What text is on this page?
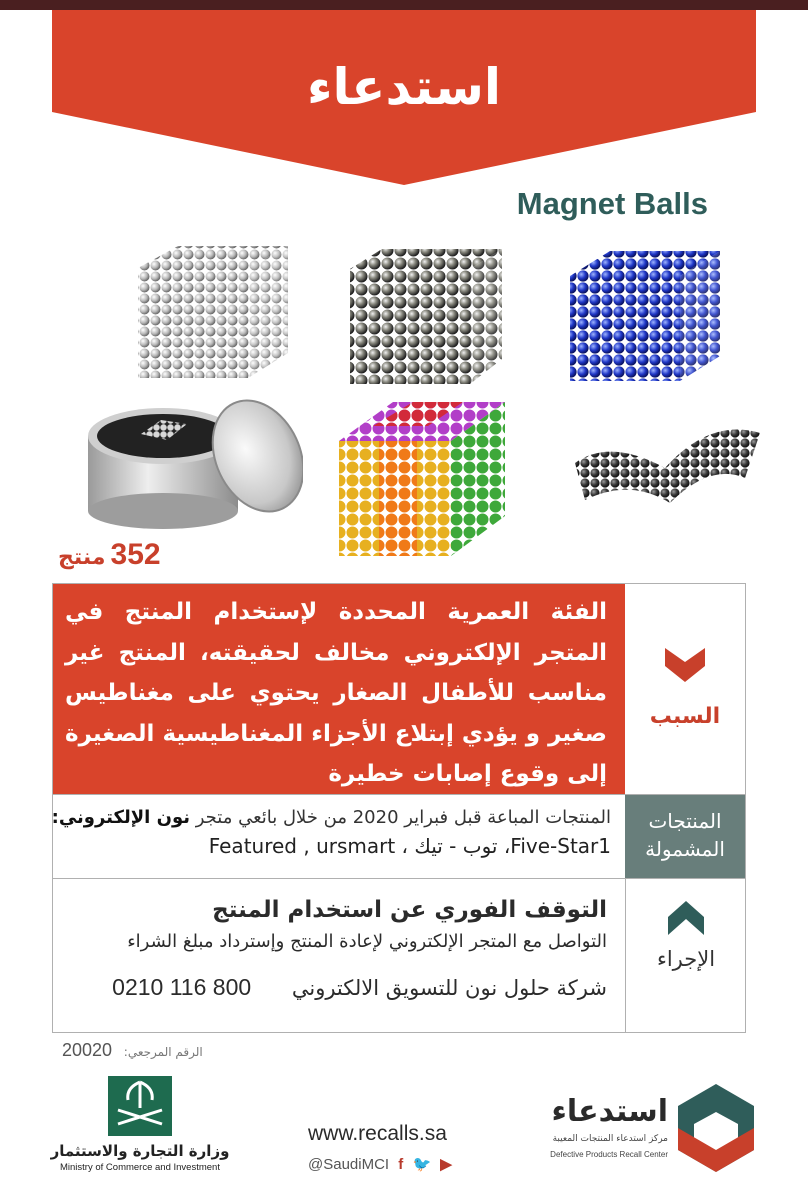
استدعاء
Magnet Balls
352 منتج
الفئة العمرية المحددة لإستخدام المنتج في المتجر الإلكتروني مخالف لحقيقته، المنتج غير مناسب للأطفال الصغار يحتوي على مغناطيس صغير و يؤدي إبتلاع الأجزاء المغناطيسية الصغيرة إلى وقوع إصابات خطيرة
السبب
المنتجات المباعة قبل فبراير 2020 من خلال بائعي متجر نون الإلكتروني:
Five-Star1، توب - تيك ، Featured , ursmart
المنتجات
المشمولة
التوقف الفوري عن استخدام المنتج
التواصل مع المتجر الإلكتروني لإعادة المنتج وإسترداد مبلغ الشراء
شركة حلول نون للتسويق الالكتروني 800 116 0210
الإجراء
الرقم المرجعي: 20020
وزارة التجارة والاستثمار
Ministry of Commerce and Investment
www.recalls.sa
@SaudiMCI f 🐦 ▶
استدعاء
مركز استدعاء المنتجات المعيبة
Defective Products Recall Center
